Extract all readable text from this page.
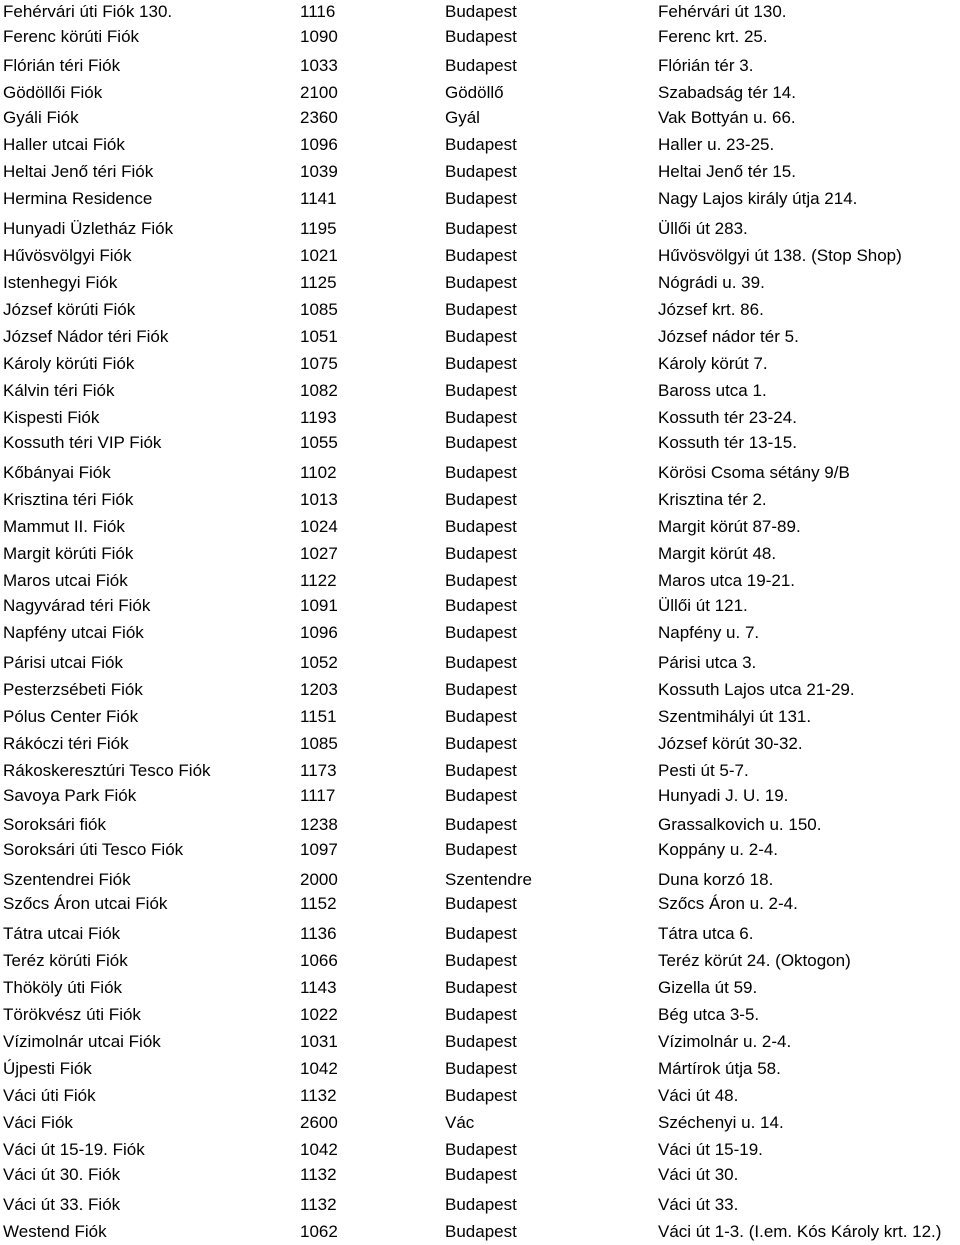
Fehérvári úti Fiók 130.	1116	Budapest	Fehérvári út 130.
Ferenc körúti Fiók	1090	Budapest	Ferenc krt. 25.
Flórián téri Fiók	1033	Budapest	Flórián tér 3.
Gödöllői Fiók	2100	Gödöllő	Szabadság tér 14.
Gyáli Fiók	2360	Gyál	Vak Bottyán u. 66.
Haller utcai Fiók	1096	Budapest	Haller u. 23-25.
Heltai Jenő téri Fiók	1039	Budapest	Heltai Jenő tér 15.
Hermina Residence	1141	Budapest	Nagy Lajos király útja 214.
Hunyadi Üzletház Fiók	1195	Budapest	Üllői út 283.
Hűvösvölgyi Fiók	1021	Budapest	Hűvösvölgyi út 138. (Stop Shop)
Istenhegyi Fiók	1125	Budapest	Nógrádi u. 39.
József körúti Fiók	1085	Budapest	József krt. 86.
József Nádor téri Fiók	1051	Budapest	József nádor tér 5.
Károly körúti Fiók	1075	Budapest	Károly körút 7.
Kálvin téri Fiók	1082	Budapest	Baross utca 1.
Kispesti Fiók	1193	Budapest	Kossuth tér 23-24.
Kossuth téri VIP Fiók	1055	Budapest	Kossuth tér 13-15.
Kőbányai Fiók	1102	Budapest	Körösi Csoma sétány 9/B
Krisztina téri Fiók	1013	Budapest	Krisztina tér 2.
Mammut II. Fiók	1024	Budapest	Margit körút 87-89.
Margit körúti Fiók	1027	Budapest	Margit körút 48.
Maros utcai Fiók	1122	Budapest	Maros utca 19-21.
Nagyvárad téri Fiók	1091	Budapest	Üllői út 121.
Napfény utcai Fiók	1096	Budapest	Napfény u. 7.
Párisi utcai Fiók	1052	Budapest	Párisi utca 3.
Pesterzsébeti Fiók	1203	Budapest	Kossuth Lajos utca 21-29.
Pólus Center Fiók	1151	Budapest	Szentmihályi út 131.
Rákóczi téri Fiók	1085	Budapest	József körút 30-32.
Rákoskeresztúri Tesco Fiók	1173	Budapest	Pesti út 5-7.
Savoya Park Fiók	1117	Budapest	Hunyadi J. U. 19.
Soroksári fiók	1238	Budapest	Grassalkovich u. 150.
Soroksári úti Tesco Fiók	1097	Budapest	Koppány u. 2-4.
Szentendrei Fiók	2000	Szentendre	Duna korzó 18.
Szőcs Áron utcai Fiók	1152	Budapest	Szőcs Áron u. 2-4.
Tátra utcai Fiók	1136	Budapest	Tátra utca 6.
Teréz körúti Fiók	1066	Budapest	Teréz körút 24. (Oktogon)
Thököly úti Fiók	1143	Budapest	Gizella út 59.
Törökvész úti Fiók	1022	Budapest	Bég utca 3-5.
Vízimolnár utcai Fiók	1031	Budapest	Vízimolnár u. 2-4.
Újpesti Fiók	1042	Budapest	Mártírok útja 58.
Váci úti Fiók	1132	Budapest	Váci út 48.
Váci Fiók	2600	Vác	Széchenyi u. 14.
Váci út 15-19. Fiók	1042	Budapest	Váci út 15-19.
Váci út 30. Fiók	1132	Budapest	Váci út 30.
Váci út 33. Fiók	1132	Budapest	Váci út 33.
Westend Fiók	1062	Budapest	Váci út 1-3. (I.em. Kós Károly krt. 12.)
